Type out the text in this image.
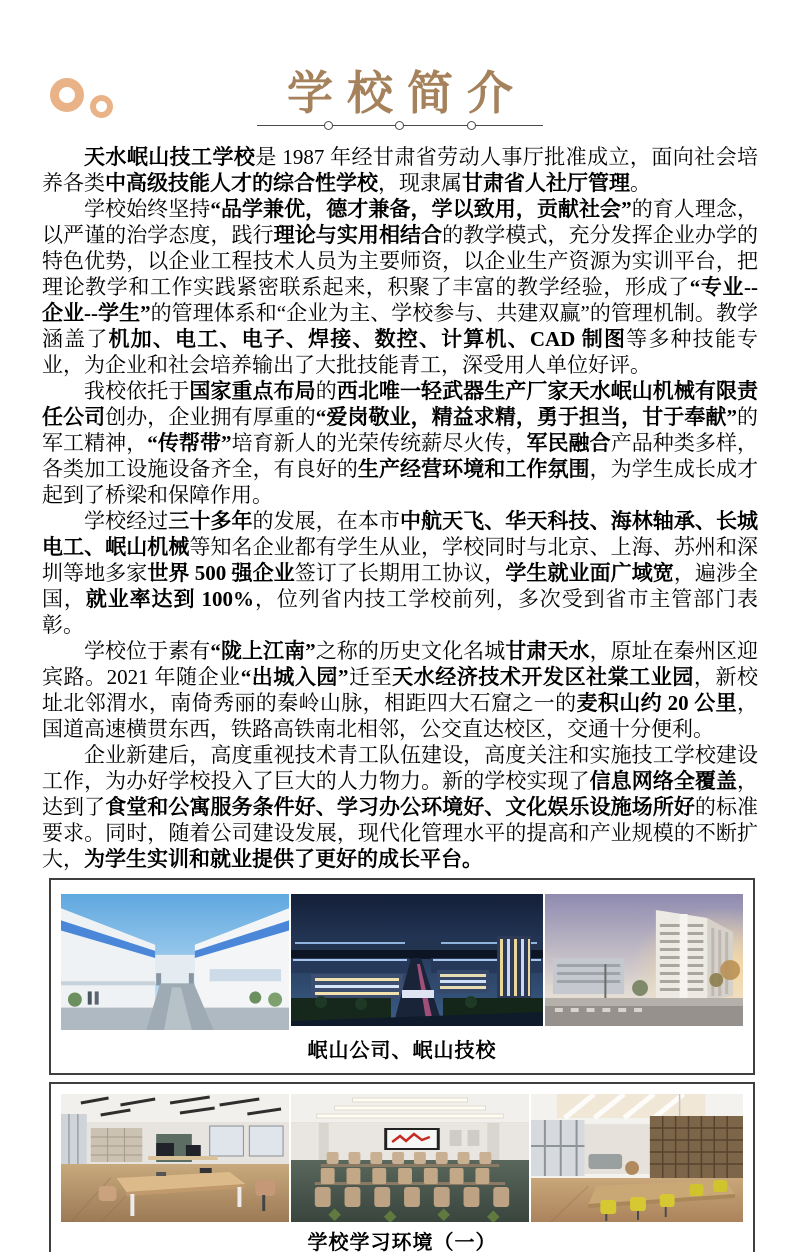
学校简介

天水岷山技工学校是 1987 年经甘肃省劳动人事厅批准成立，面向社会培养各类中高级技能人才的综合性学校，现隶属甘肃省人社厅管理。

学校始终坚持“品学兼优，德才兼备，学以致用，贡献社会”的育人理念，以严谨的治学态度，践行理论与实用相结合的教学模式，充分发挥企业办学的特色优势，以企业工程技术人员为主要师资，以企业生产资源为实训平台，把理论教学和工作实践紧密联系起来，积聚了丰富的教学经验，形成了“专业--企业--学生”的管理体系和“企业为主、学校参与、共建双赢”的管理机制。教学涵盖了机加、电工、电子、焊接、数控、计算机、CAD 制图等多种技能专业，为企业和社会培养输出了大批技能青工，深受用人单位好评。

我校依托于国家重点布局的西北唯一轻武器生产厂家天水岷山机械有限责任公司创办，企业拥有厚重的“爱岗敬业，精益求精，勇于担当，甘于奉献”的军工精神，“传帮带”培育新人的光荣传统薪尽火传，军民融合产品种类多样，各类加工设施设备齐全，有良好的生产经营环境和工作氛围，为学生成长成才起到了桥梁和保障作用。

学校经过三十多年的发展，在本市中航天飞、华天科技、海林轴承、长城电工、岷山机械等知名企业都有学生从业，学校同时与北京、上海、苏州和深圳等地多家世界 500 强企业签订了长期用工协议，学生就业面广域宽，遍涉全国，就业率达到 100%，位列省内技工学校前列，多次受到省市主管部门表彰。

学校位于素有“陇上江南”之称的历史文化名城甘肃天水，原址在秦州区迎宾路。2021 年随企业“出城入园”迁至天水经济技术开发区社棠工业园，新校址北邻渭水，南倚秀丽的秦岭山脉，相距四大石窟之一的麦积山约 20 公里，国道高速横贯东西，铁路高铁南北相邻，公交直达校区，交通十分便利。

企业新建后，高度重视技术青工队伍建设，高度关注和实施技工学校建设工作，为办好学校投入了巨大的人力物力。新的学校实现了信息网络全覆盖，达到了食堂和公寓服务条件好、学习办公环境好、文化娱乐设施场所好的标准要求。同时，随着公司建设发展，现代化管理水平的提高和产业规模的不断扩大，为学生实训和就业提供了更好的成长平台。

岷山公司、岷山技校
学校学习环境（一）
